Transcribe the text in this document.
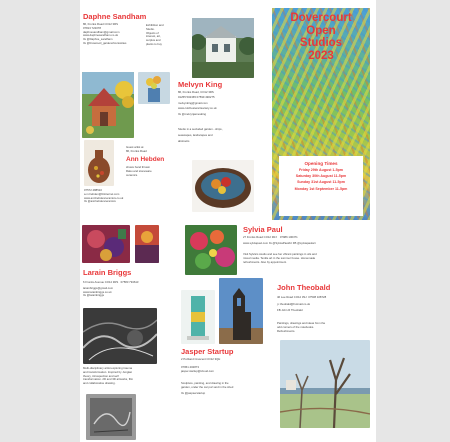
Daphne Sandham
86, Fronks Road CO12 3RS
07813 722078
daphnesandham@gmail.com
www.daphnesandham.co.uk
IG @Daphne_sandham
IG @brownsoil_gardenofcuriosities
Exhibition and
Studio.
Objects of
interest, art,
surplus and
plants to buy
Guest artist at
86, Fronks Road
Ann Hebden
shows hand thrown
Raku and stoneware
ceramics.
07572 488510
a.m.hebden@btinternet.com
www.annhebdenceramics.co.uk
IG @annhebdenceramics
Melvyn King
86, Fronks Road, CO12 3RS
01255 502365 07599 490275
melvynking@gmail.com
www.colchesterartsociety.co.uk
IG @melvynjamesking
Studio in a secluded garden - ships,
seascapes, landscapes and
abstracts
Dovercourt
Open
Studios
2023
Opening Times
Friday 29th August 1-5pm
Saturday 30th August 11-5pm
Sunday 31st August 11-5pm
Monday 1st September 11-5pm
Sylvia Paul
27 Fronks Road CO12 3RJ 07986 100371
www.sylviapaul.com IG @SylviaPaulArt FB @sylviapaulart
Visit Sylvia's studio and see her vibrant paintings in oils and
mixed media. Textile art in the summer house. Homemade
refreshments. Also by appointment.
Larain Briggs
6 Fronks Avenue CO12 3RS 07583 794613
larainbriggs@gmail.com
www.larainbriggs.co.uk
IG @larainbriggs
Multi-disciplinary artist exploring trauma
and transformation. Inspired by Jungian
theory, introspection and self
transformation. 2D and 3D artworks, film
and collaborative drawing.
Jasper Startup
2 Portland Crescent CO12 3QH
07951 402873
jasper.startup@icloud.com
Sculpture, painting, and drawing in the
garden, under the car port and in the shed
IG @jaspserstartup
John Theobald
46 Lee Road CO12 3SJ 07538 108728
j.r.theobald@hotmail.co.uk
FB John R Theobald
Paintings, drawings and ideas from the
odd corners of the notebooks.
Refreshments.
